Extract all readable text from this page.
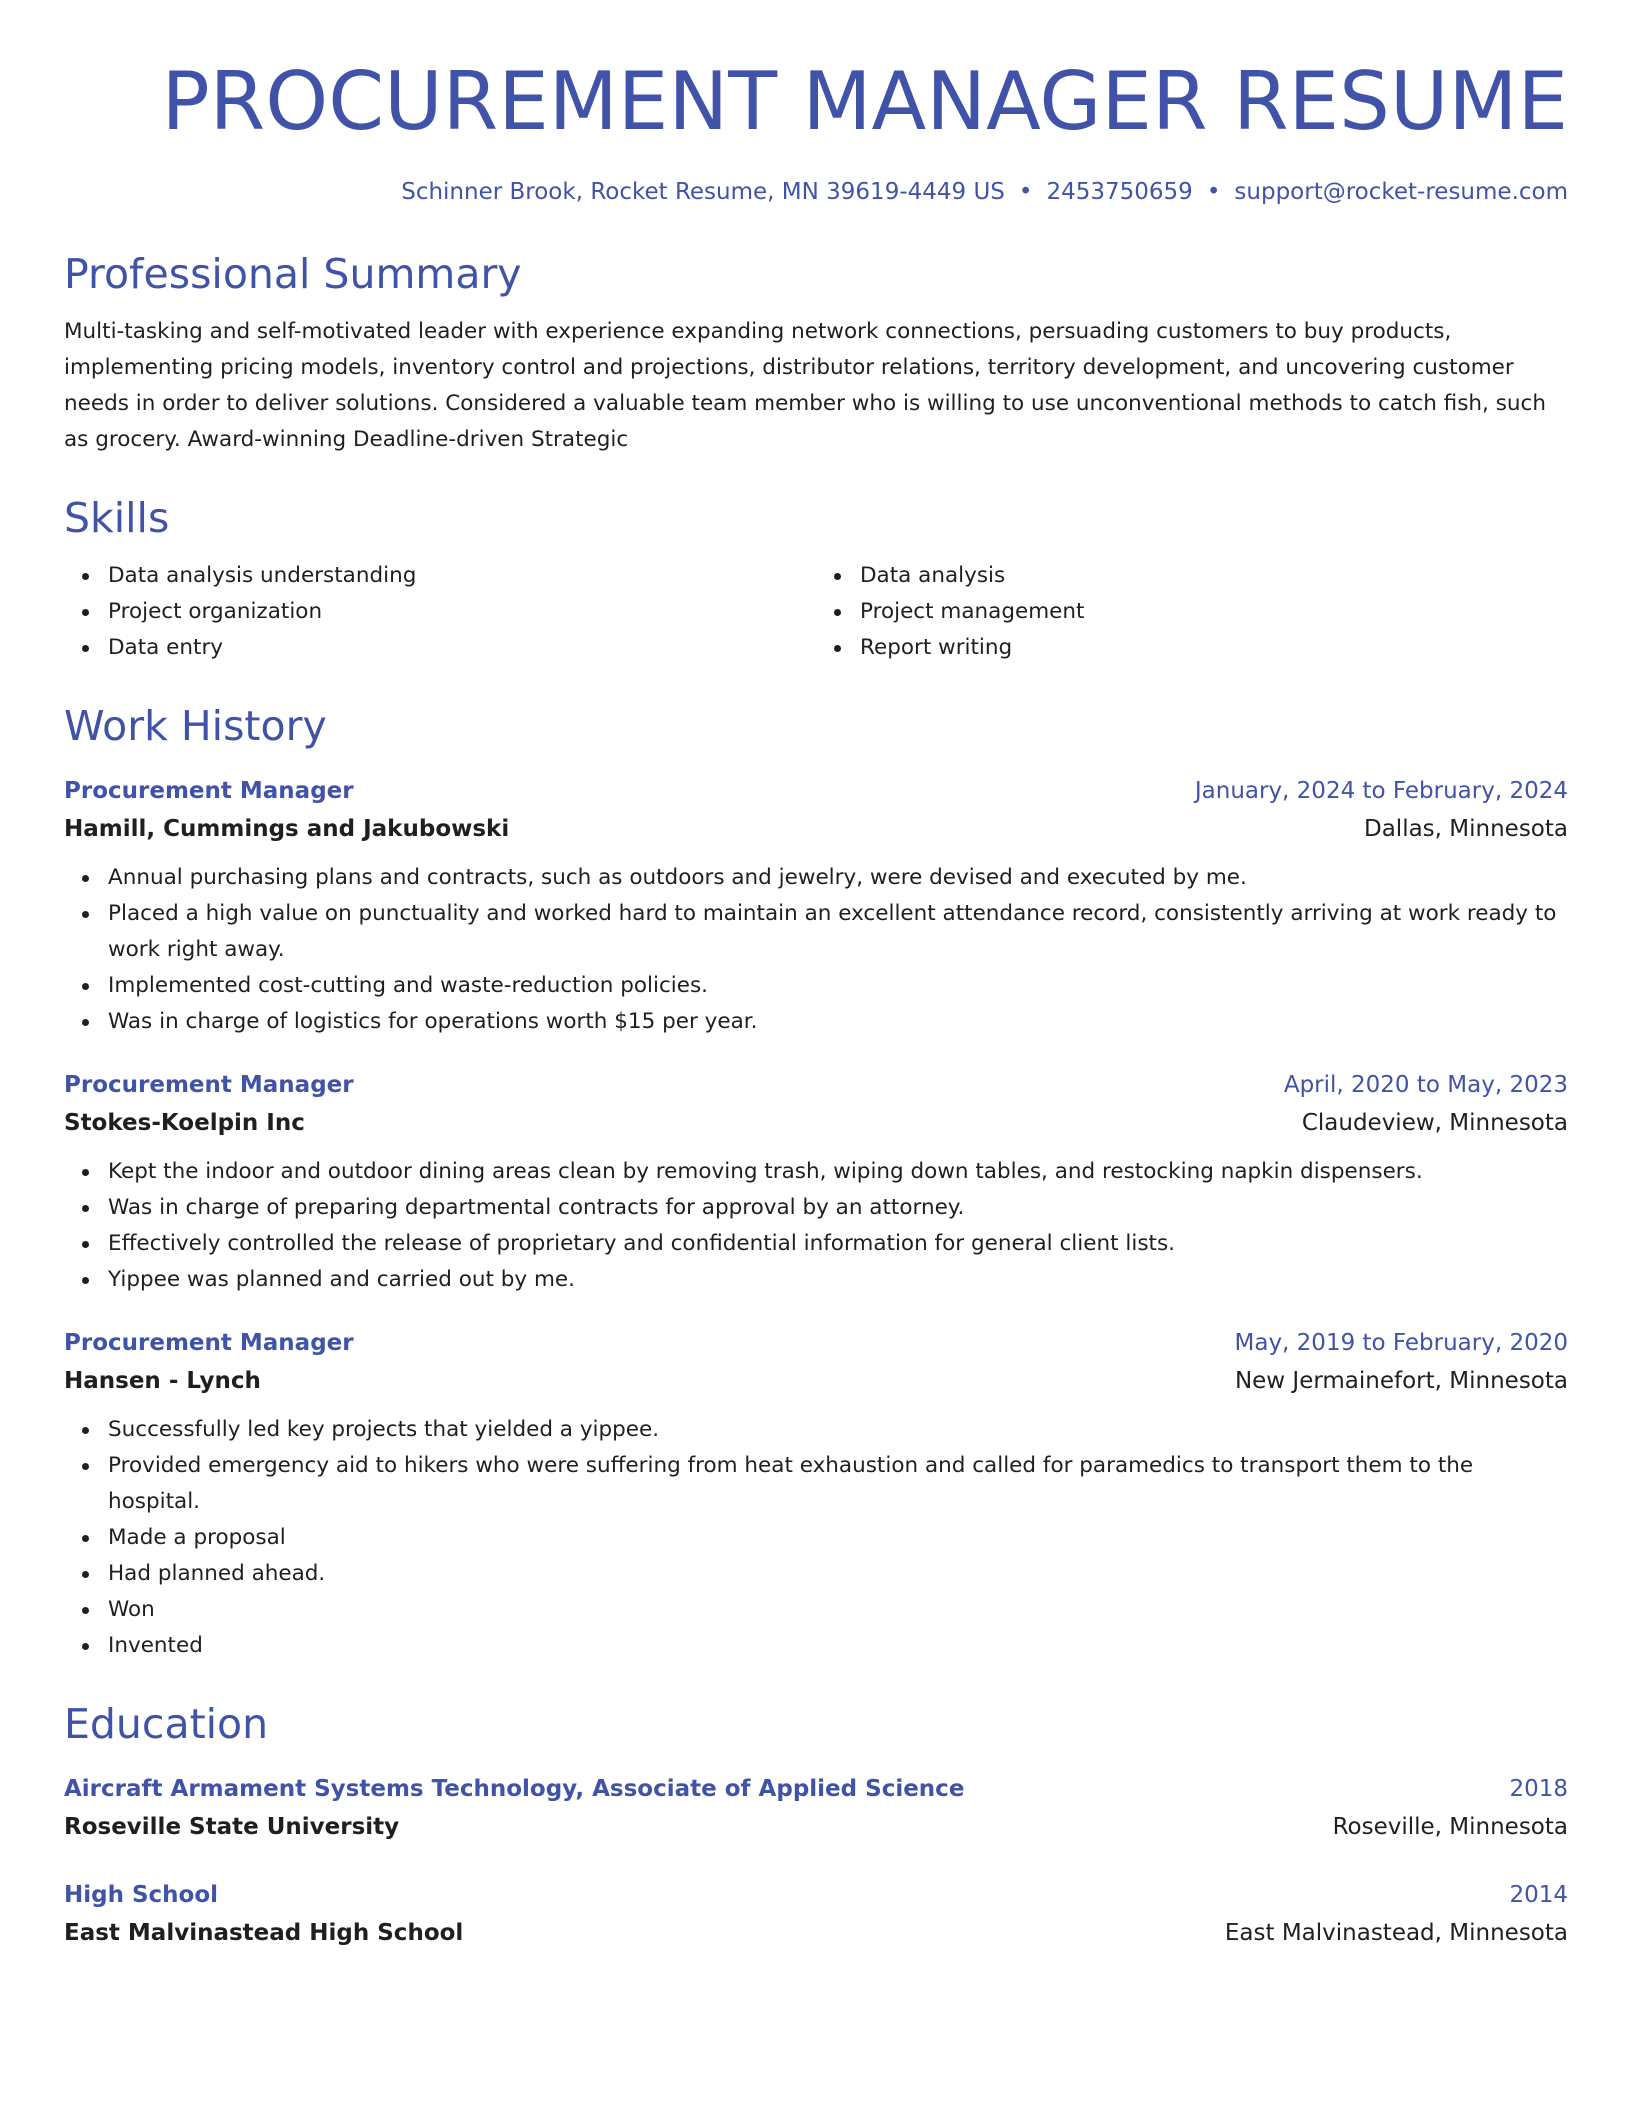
PROCUREMENT MANAGER RESUME
Schinner Brook, Rocket Resume, MN 39619-4449 US • 2453750659 • support@rocket-resume.com
Professional Summary
Multi-tasking and self-motivated leader with experience expanding network connections, persuading customers to buy products, implementing pricing models, inventory control and projections, distributor relations, territory development, and uncovering customer needs in order to deliver solutions. Considered a valuable team member who is willing to use unconventional methods to catch fish, such as grocery. Award-winning Deadline-driven Strategic
Skills
Data analysis understanding
Project organization
Data entry
Data analysis
Project management
Report writing
Work History
Procurement Manager	January, 2024 to February, 2024
Hamill, Cummings and Jakubowski	Dallas, Minnesota
Annual purchasing plans and contracts, such as outdoors and jewelry, were devised and executed by me.
Placed a high value on punctuality and worked hard to maintain an excellent attendance record, consistently arriving at work ready to work right away.
Implemented cost-cutting and waste-reduction policies.
Was in charge of logistics for operations worth $15 per year.
Procurement Manager	April, 2020 to May, 2023
Stokes-Koelpin Inc	Claudeview, Minnesota
Kept the indoor and outdoor dining areas clean by removing trash, wiping down tables, and restocking napkin dispensers.
Was in charge of preparing departmental contracts for approval by an attorney.
Effectively controlled the release of proprietary and confidential information for general client lists.
Yippee was planned and carried out by me.
Procurement Manager	May, 2019 to February, 2020
Hansen - Lynch	New Jermainefort, Minnesota
Successfully led key projects that yielded a yippee.
Provided emergency aid to hikers who were suffering from heat exhaustion and called for paramedics to transport them to the hospital.
Made a proposal
Had planned ahead.
Won
Invented
Education
Aircraft Armament Systems Technology, Associate of Applied Science	2018
Roseville State University	Roseville, Minnesota
High School	2014
East Malvinastead High School	East Malvinastead, Minnesota
